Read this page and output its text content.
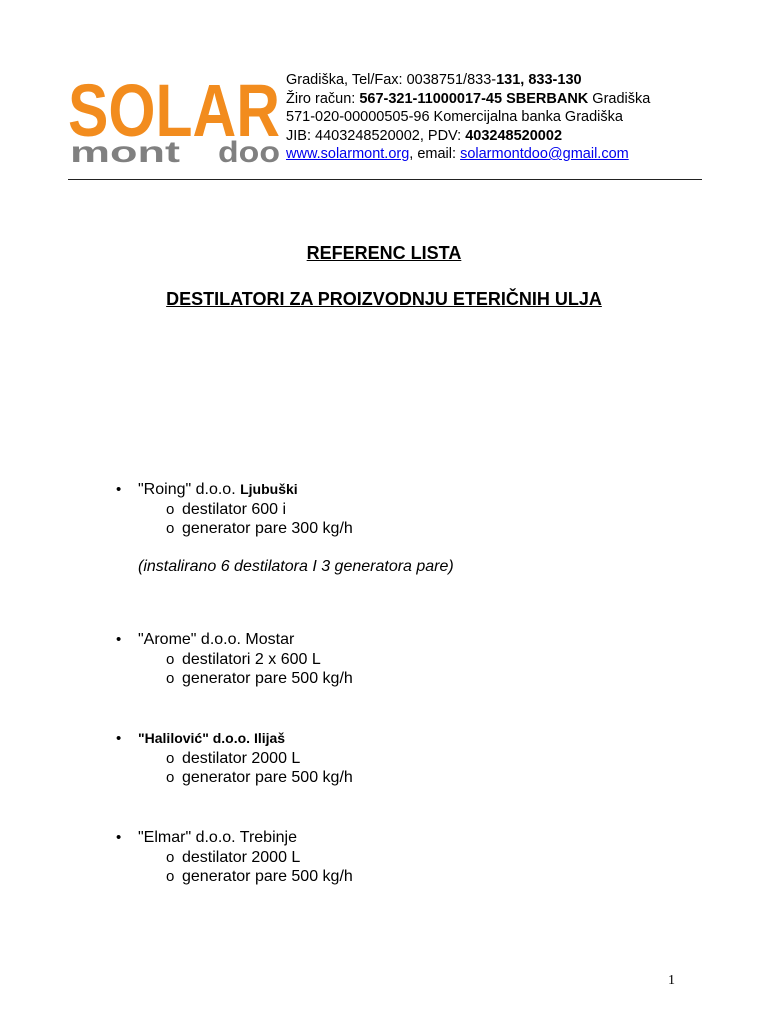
SOLAR
mont doo
Gradiška, Tel/Fax: 0038751/833-131, 833-130
Žiro račun: 567-321-11000017-45 SBERBANK Gradiška
571-020-00000505-96 Komercijalna banka Gradiška
JIB: 4403248520002, PDV: 403248520002
www.solarmont.org, email: solarmontdoo@gmail.com
REFERENC LISTA
DESTILATORI ZA PROIZVODNJU ETERIČNIH ULJA
• "Roing" d.o.o. Ljubuški
o destilator 600 i
o generator pare 300 kg/h
(instalirano 6 destilatora I 3 generatora pare)
• "Arome" d.o.o. Mostar
o destilatori 2 x 600 L
o generator pare 500 kg/h
• "Halilović" d.o.o. Ilijaš
o destilator 2000 L
o generator pare 500 kg/h
• "Elmar" d.o.o. Trebinje
o destilator 2000 L
o generator pare 500 kg/h
1
